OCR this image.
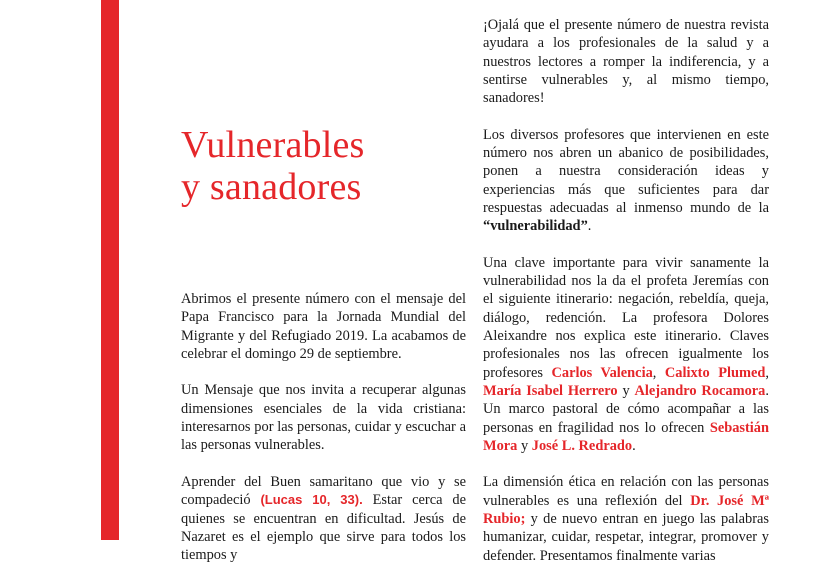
Vulnerables
y sanadores

Abrimos el presente número con el mensaje del Papa Francisco para la Jornada Mundial del Migrante y del Refugiado 2019. La acabamos de celebrar el domingo 29 de septiembre.

Un Mensaje que nos invita a recuperar algunas dimensiones esenciales de la vida cristiana: interesarnos por las personas, cuidar y escuchar a las personas vulnerables.

Aprender del Buen samaritano que vio y se compadeció (Lucas 10, 33). Estar cerca de quienes se encuentran en dificultad. Jesús de Nazaret es el ejemplo que sirve para todos los tiempos y

¡Ojalá que el presente número de nuestra revista ayudara a los profesionales de la salud y a nuestros lectores a romper la indiferencia, y a sentirse vulnerables y, al mismo tiempo, sanadores!

Los diversos profesores que intervienen en este número nos abren un abanico de posibilidades, ponen a nuestra consideración ideas y experiencias más que suficientes para dar respuestas adecuadas al inmenso mundo de la “vulnerabilidad”.

Una clave importante para vivir sanamente la vulnerabilidad nos la da el profeta Jeremías con el siguiente itinerario: negación, rebeldía, queja, diálogo, redención. La profesora Dolores Aleixandre nos explica este itinerario. Claves profesionales nos las ofrecen igualmente los profesores Carlos Valencia, Calixto Plumed, María Isabel Herrero y Alejandro Rocamora. Un marco pastoral de cómo acompañar a las personas en fragilidad nos lo ofrecen Sebastián Mora y José L. Redrado.

La dimensión ética en relación con las personas vulnerables es una reflexión del Dr. José Mª Rubio; y de nuevo entran en juego las palabras humanizar, cuidar, respetar, integrar, promover y defender. Presentamos finalmente varias
